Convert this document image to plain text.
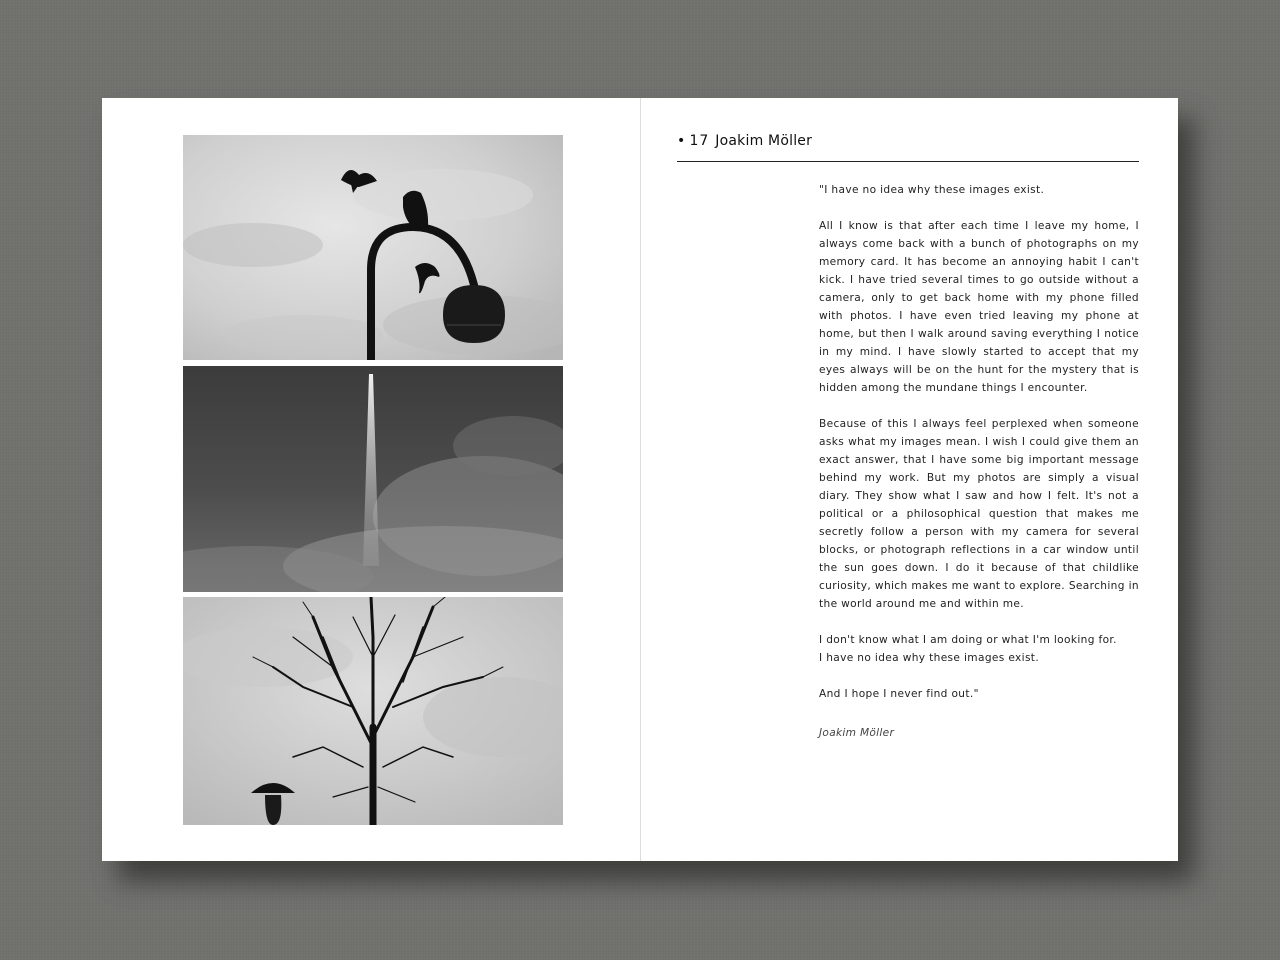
• 17 Joakim Möller

"I have no idea why these images exist.

All I know is that after each time I leave my home, I always come back with a bunch of photographs on my memory card. It has become an annoying habit I can't kick. I have tried several times to go outside without a camera, only to get back home with my phone filled with photos. I have even tried leaving my phone at home, but then I walk around saving everything I notice in my mind. I have slowly started to accept that my eyes always will be on the hunt for the mystery that is hidden among the mundane things I encounter.

Because of this I always feel perplexed when someone asks what my images mean. I wish I could give them an exact answer, that I have some big important message behind my work. But my photos are simply a visual diary. They show what I saw and how I felt. It's not a political or a philosophical question that makes me secretly follow a person with my camera for several blocks, or photograph reflections in a car window until the sun goes down. I do it because of that childlike curiosity, which makes me want to explore. Searching in the world around me and within me.

I don't know what I am doing or what I'm looking for.
I have no idea why these images exist.

And I hope I never find out."

Joakim Möller
